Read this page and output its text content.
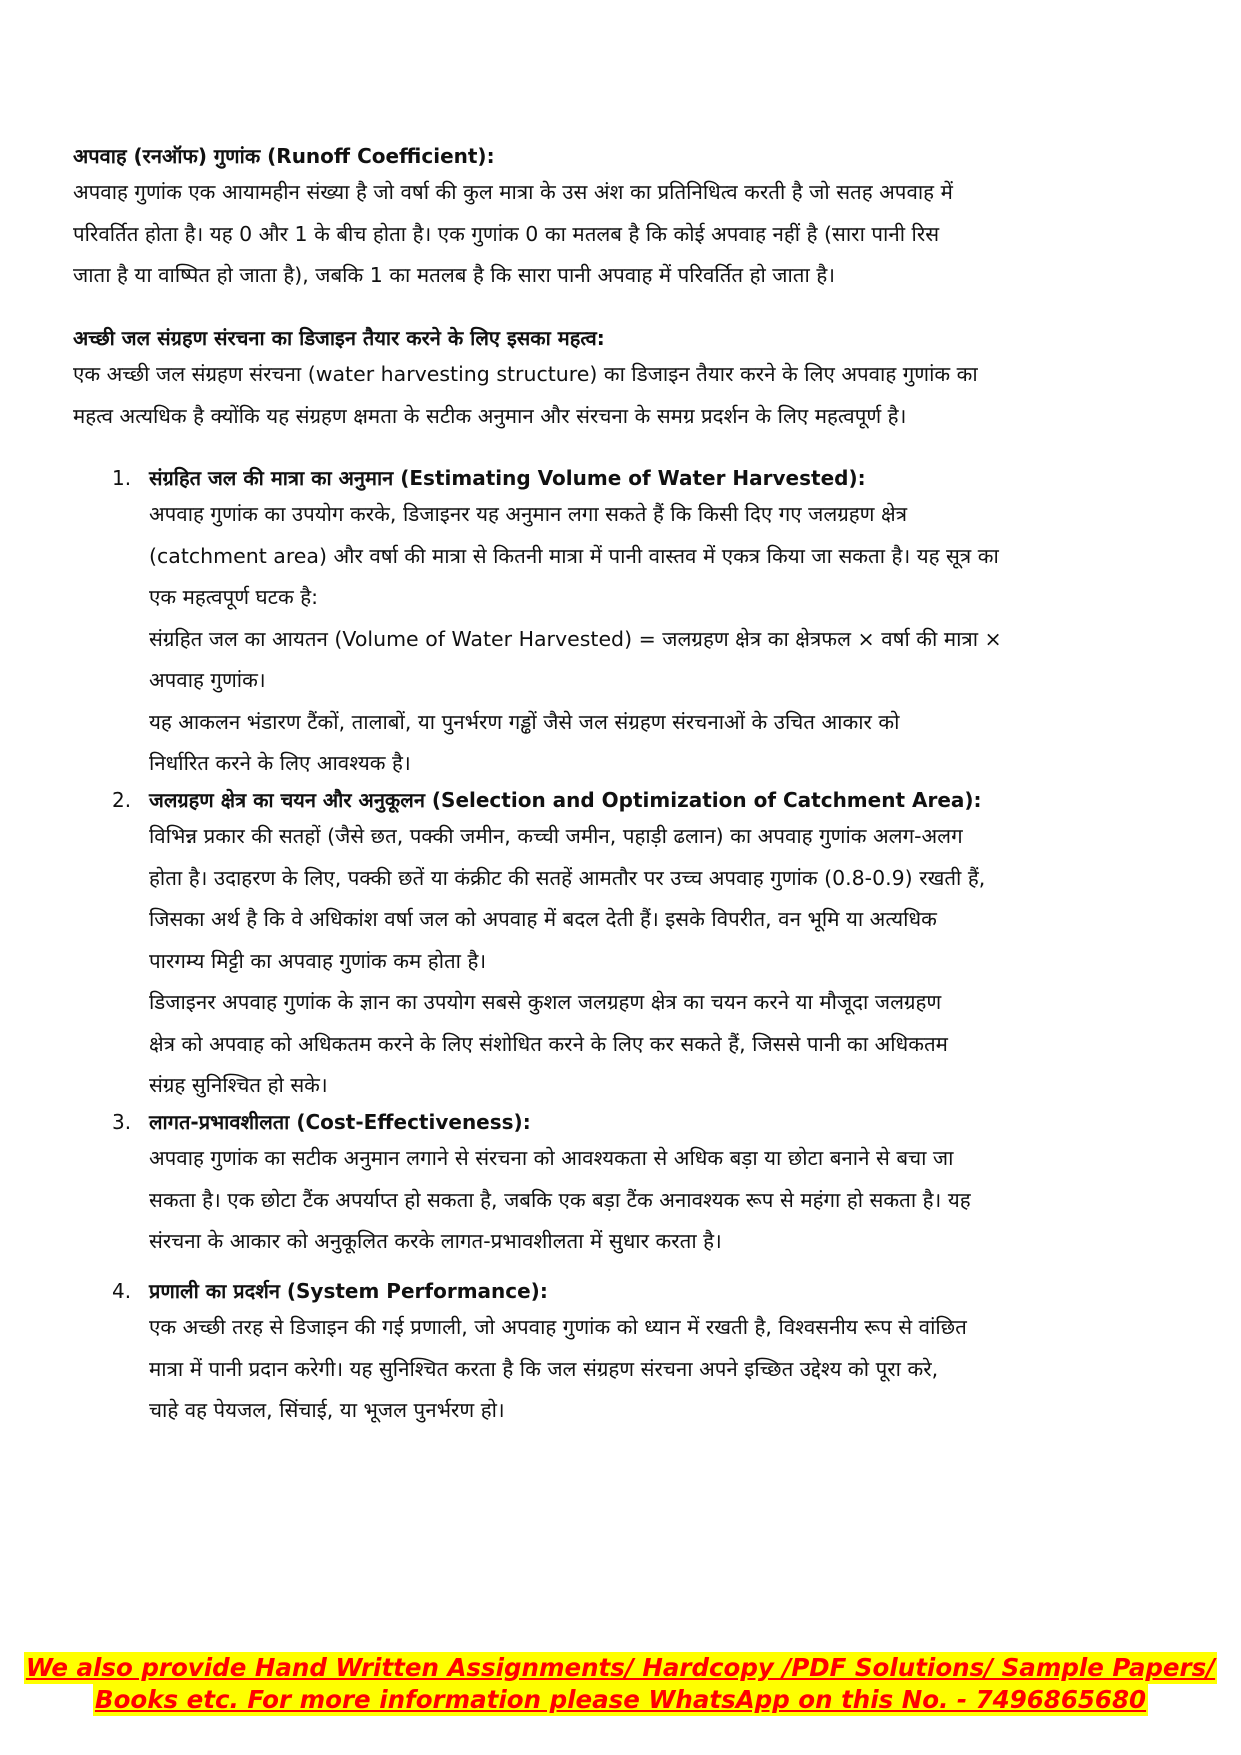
अपवाह (रनऑफ) गुणांक (Runoff Coefficient):

अपवाह गुणांक एक आयामहीन संख्या है जो वर्षा की कुल मात्रा के उस अंश का प्रतिनिधित्व करती है जो सतह अपवाह में

परिवर्तित होता है। यह 0 और 1 के बीच होता है। एक गुणांक 0 का मतलब है कि कोई अपवाह नहीं है (सारा पानी रिस

जाता है या वाष्पित हो जाता है), जबकि 1 का मतलब है कि सारा पानी अपवाह में परिवर्तित हो जाता है।

अच्छी जल संग्रहण संरचना का डिजाइन तैयार करने के लिए इसका महत्व:

एक अच्छी जल संग्रहण संरचना (water harvesting structure) का डिजाइन तैयार करने के लिए अपवाह गुणांक का

महत्व अत्यधिक है क्योंकि यह संग्रहण क्षमता के सटीक अनुमान और संरचना के समग्र प्रदर्शन के लिए महत्वपूर्ण है।

1. संग्रहित जल की मात्रा का अनुमान (Estimating Volume of Water Harvested):

अपवाह गुणांक का उपयोग करके, डिजाइनर यह अनुमान लगा सकते हैं कि किसी दिए गए जलग्रहण क्षेत्र

(catchment area) और वर्षा की मात्रा से कितनी मात्रा में पानी वास्तव में एकत्र किया जा सकता है। यह सूत्र का

एक महत्वपूर्ण घटक है:

संग्रहित जल का आयतन (Volume of Water Harvested) = जलग्रहण क्षेत्र का क्षेत्रफल × वर्षा की मात्रा ×

अपवाह गुणांक।

यह आकलन भंडारण टैंकों, तालाबों, या पुनर्भरण गड्ढों जैसे जल संग्रहण संरचनाओं के उचित आकार को

निर्धारित करने के लिए आवश्यक है।

2. जलग्रहण क्षेत्र का चयन और अनुकूलन (Selection and Optimization of Catchment Area):

विभिन्न प्रकार की सतहों (जैसे छत, पक्की जमीन, कच्ची जमीन, पहाड़ी ढलान) का अपवाह गुणांक अलग-अलग

होता है। उदाहरण के लिए, पक्की छतें या कंक्रीट की सतहें आमतौर पर उच्च अपवाह गुणांक (0.8-0.9) रखती हैं,

जिसका अर्थ है कि वे अधिकांश वर्षा जल को अपवाह में बदल देती हैं। इसके विपरीत, वन भूमि या अत्यधिक

पारगम्य मिट्टी का अपवाह गुणांक कम होता है।

डिजाइनर अपवाह गुणांक के ज्ञान का उपयोग सबसे कुशल जलग्रहण क्षेत्र का चयन करने या मौजूदा जलग्रहण

क्षेत्र को अपवाह को अधिकतम करने के लिए संशोधित करने के लिए कर सकते हैं, जिससे पानी का अधिकतम

संग्रह सुनिश्चित हो सके।

3. लागत-प्रभावशीलता (Cost-Effectiveness):

अपवाह गुणांक का सटीक अनुमान लगाने से संरचना को आवश्यकता से अधिक बड़ा या छोटा बनाने से बचा जा

सकता है। एक छोटा टैंक अपर्याप्त हो सकता है, जबकि एक बड़ा टैंक अनावश्यक रूप से महंगा हो सकता है। यह

संरचना के आकार को अनुकूलित करके लागत-प्रभावशीलता में सुधार करता है।

4. प्रणाली का प्रदर्शन (System Performance):

एक अच्छी तरह से डिजाइन की गई प्रणाली, जो अपवाह गुणांक को ध्यान में रखती है, विश्वसनीय रूप से वांछित

मात्रा में पानी प्रदान करेगी। यह सुनिश्चित करता है कि जल संग्रहण संरचना अपने इच्छित उद्देश्य को पूरा करे,

चाहे वह पेयजल, सिंचाई, या भूजल पुनर्भरण हो।

We also provide Hand Written Assignments/ Hardcopy /PDF Solutions/ Sample Papers/
Books etc. For more information please WhatsApp on this No. - 7496865680
